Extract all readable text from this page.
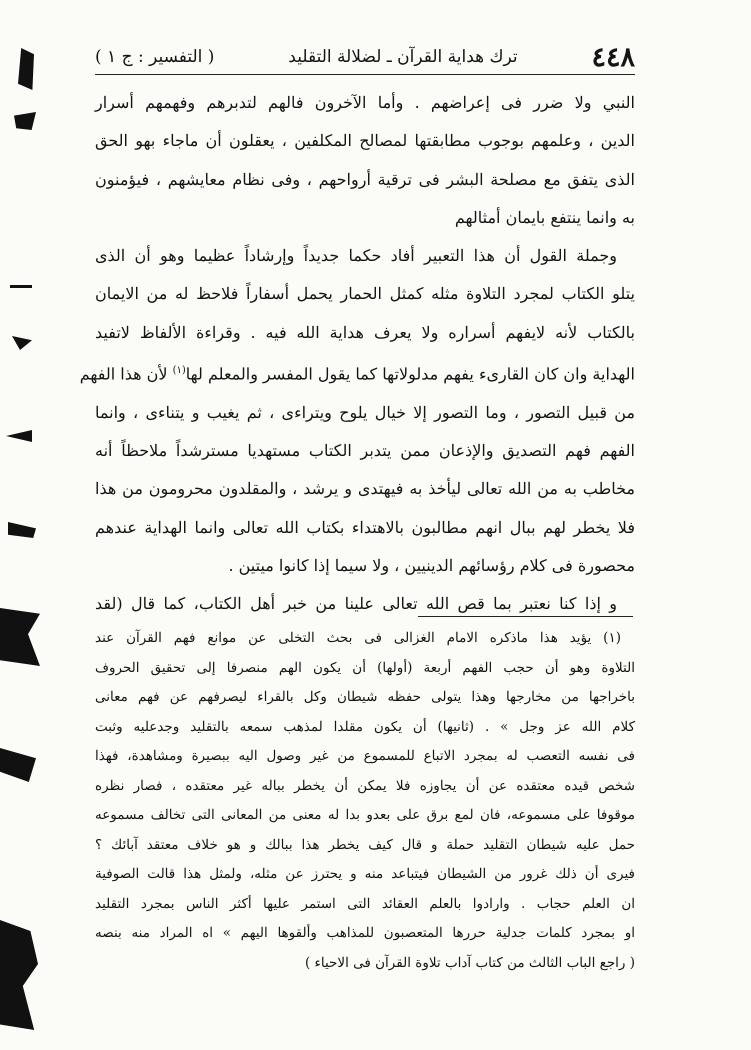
٤٤٨
ترك هداية القرآن ـ لضلالة التقليد
( التفسير : ج ١ )
النبي ولا ضرر فى إعراضهم . وأما الآخرون فالهم لتدبرهم وفهمهم أسرار
الدين ، وعلمهم بوجوب مطابقتها لمصالح المكلفين ، يعقلون أن ماجاء بهو الحق
الذى يتفق مع مصلحة البشر فى ترقية أرواحهم ، وفى نظام معايشهم ، فيؤمنون
به وانما ينتفع بايمان أمثالهم
وجملة القول أن هذا التعبير أفاد حكما جديداً وإرشاداً عظيما وهو أن الذى
يتلو الكتاب لمجرد التلاوة مثله كمثل الحمار يحمل أسفاراً فلاحظ له من الايمان
بالكتاب لأنه لايفهم أسراره ولا يعرف هداية الله فيه . وقراءة الألفاظ لاتفيد
الهداية وان كان القارىء يفهم مدلولاتها كما يقول المفسر والمعلم لها$^{(١)}$ لأن هذا الفهم
من قبيل التصور ، وما التصور إلا خيال يلوح ويتراءى ، ثم يغيب و يتناءى ، وانما
الفهم فهم التصديق والإذعان ممن يتدبر الكتاب مستهديا مسترشداً ملاحظاً أنه
مخاطب به من الله تعالى ليأخذ به فيهتدى و يرشد ، والمقلدون محرومون من هذا
فلا يخطر لهم ببال انهم مطالبون بالاهتداء بكتاب الله تعالى وانما الهداية عندهم
محصورة فى كلام رؤسائهم الدينيين ، ولا سيما إذا كانوا ميتين .
و إذا كنا نعتبر بما قص الله تعالى علينا من خبر أهل الكتاب، كما قال (لقد
(١) يؤيد هذا ماذكره الامام الغزالى فى بحث التخلى عن موانع فهم القرآن عند
التلاوة وهو أن حجب الفهم أربعة (أولها) أن يكون الهم منصرفا إلى تحقيق الحروف
باخراجها من مخارجها وهذا يتولى حفظه شيطان وكل بالقراء ليصرفهم عن فهم معانى
كلام الله عز وجل » . (ثانيها) أن يكون مقلدا لمذهب سمعه بالتقليد وجدعليه وثبت
فى نفسه التعصب له بمجرد الاتباع للمسموع من غير وصول اليه ببصيرة ومشاهدة، فهذا
شخص قيده معتقده عن أن يجاوزه فلا يمكن أن يخطر بباله غير معتقده ، فصار نظره
موقوفا على مسموعه، فان لمع برق على بعدو بدا له معنى من المعانى التى تخالف مسموعه
حمل عليه شيطان التقليد حملة و قال كيف يخطر هذا ببالك و هو خلاف معتقد آبائك ؟
فيرى أن ذلك غرور من الشيطان فيتباعد منه و يحترز عن مثله، ولمثل هذا قالت الصوفية
ان العلم حجاب . وارادوا بالعلم العقائد التى استمر عليها أكثر الناس بمجرد التقليد
او بمجرد كلمات جدلية حررها المتعصبون للمذاهب وألقوها اليهم » اه المراد منه بنصه
( راجع الباب الثالث من كتاب آداب تلاوة القرآن فى الاحياء )
